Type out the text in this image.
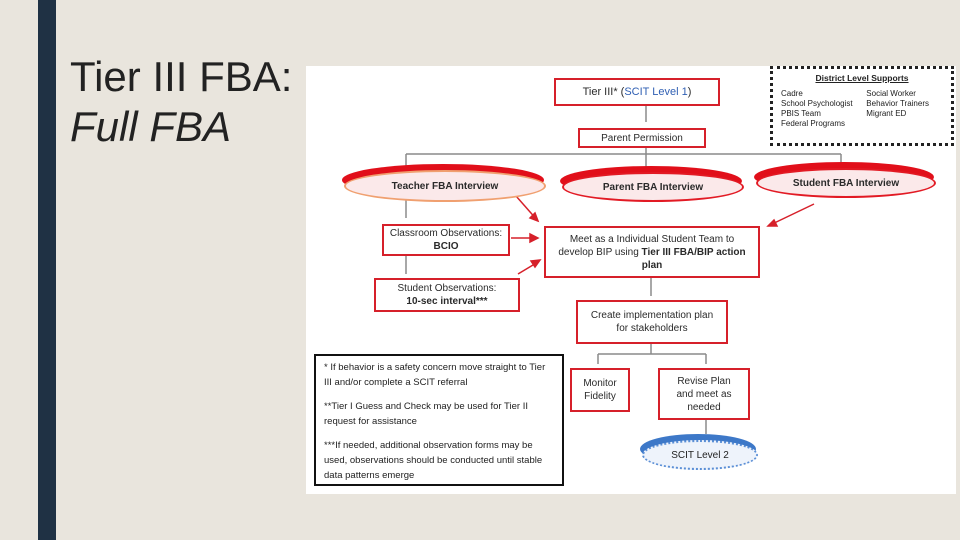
Tier III FBA:
Full FBA
Tier III* (SCIT Level 1)
Parent Permission
District Level Supports
Cadre
School Psychologist
PBIS Team
Federal Programs
Social Worker
Behavior Trainers
Migrant ED
Teacher FBA Interview	Parent FBA Interview	Student FBA Interview
Classroom Observations:
BCIO
Student Observations:
10-sec interval***
Meet as a Individual Student Team to
develop BIP using Tier III FBA/BIP action
plan
Create implementation plan
for stakeholders
Monitor
Fidelity
Revise Plan
and meet as
needed
SCIT Level 2

* If behavior is a safety concern move straight to Tier III and/or complete a SCIT referral

**Tier I Guess and Check may be used for Tier II request for assistance

***If needed, additional observation forms may be used, observations should be conducted until stable data patterns emerge
